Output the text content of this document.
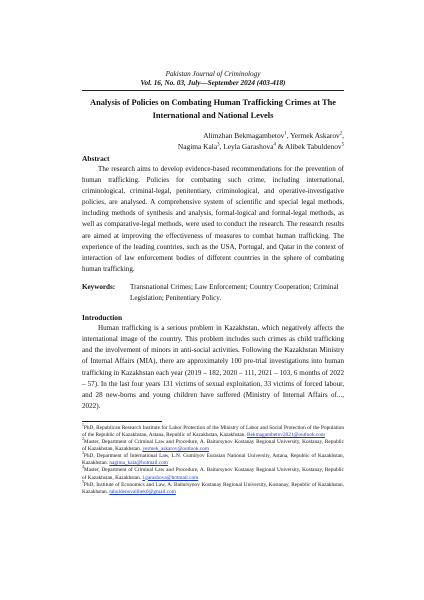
Pakistan Journal of Criminology
Vol. 16, No. 03, July—September 2024 (403-418)
Analysis of Policies on Combating Human Trafficking Crimes at The International and National Levels
Alimzhan Bekmagambetov$^1$, Yermek Askarov$^2$,
Nagima Kala$^3$, Leyla Garashova$^4$ & Alibek Tabuldenov$^5$
Abstract

The research aims to develop evidence-based recommendations for the prevention of human trafficking. Policies for combating such crime, including international, criminological, criminal-legal, penitentiary, criminological, and operative-investigative policies, are analysed. A comprehensive system of scientific and special legal methods, including methods of synthesis and analysis, formal-logical and formal-legal methods, as well as comparative-legal methods, were used to conduct the research. The research results are aimed at improving the effectiveness of measures to combat human trafficking. The experience of the leading countries, such as the USA, Portugal, and Qatar in the context of interaction of law enforcement bodies of different countries in the sphere of combating human trafficking.

Keywords:	Transnational Crimes; Law Enforcement; Country Cooperation; Criminal Legislation; Penitentiary Policy.
Introduction

Human trafficking is a serious problem in Kazakhstan, which negatively affects the international image of the country. This problem includes such crimes as child trafficking and the involvement of minors in anti-social activities. Following the Kazakhstan Ministry of Internal Affairs (MIA), there are approximately 100 pre-trial investigations into human trafficking in Kazakhstan each year (2019 – 182, 2020 – 111, 2021 – 103, 6 months of 2022 – 57). In the last four years 131 victims of sexual exploitation, 33 victims of forced labour, and 28 new-borns and young children have suffered (Ministry of Internal Affairs of..., 2022).

$^1$PhD, Republican Research Institute for Labor Protection of the Ministry of Labor and Social Protection of the Population of the Republic of Kazakhstan, Astana, Republic of Kazakhstan, Kazakhstan. Bekmagambetov2021@outlook.com
$^2$Master, Department of Criminal Law and Procedure, A. Baitursynov Kostanay Regional University, Kostanay, Republic of Kazakhstan, Kazakhstan. yermek_askarov@outlook.com
$^3$PhD, Department of International Law, L.N. Gumilyov Eurasian National University, Astana, Republic of Kazakhstan, Kazakhstan. nagima_kala@hotmail.com
$^4$Master, Department of Criminal Law and Procedure, A. Baitursynov Kostanay Regional University, Kostanay, Republic of Kazakhstan, Kazakhstan. l.garashova@hotmail.com
$^5$PhD, Institute of Economics and Law, A. Baitursynov Kostanay Regional University, Kostanay, Republic of Kazakhstan, Kazakhstan. tabuldenovalibek0@gmail.com
